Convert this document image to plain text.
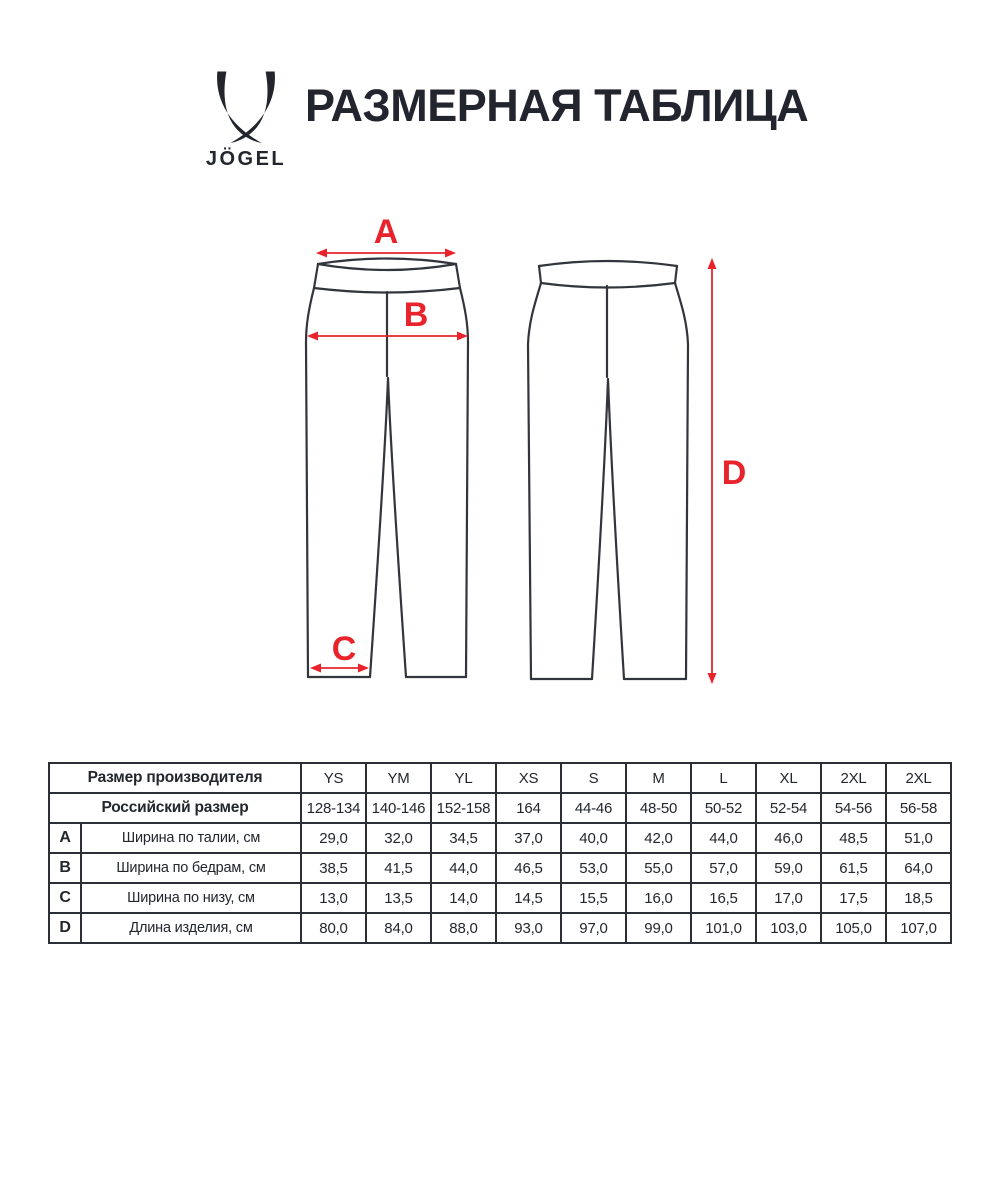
JÖGEL
РАЗМЕРНАЯ ТАБЛИЦА
A
B
C
D
Размер производителя		YS	YM	YL	XS	S	M	L	XL	2XL	2XL
Российский размер		128-134	140-146	152-158	164	44-46	48-50	50-52	52-54	54-56	56-58
A	Ширина по талии, см	29,0	32,0	34,5	37,0	40,0	42,0	44,0	46,0	48,5	51,0
B	Ширина по бедрам, см	38,5	41,5	44,0	46,5	53,0	55,0	57,0	59,0	61,5	64,0
C	Ширина по низу, см	13,0	13,5	14,0	14,5	15,5	16,0	16,5	17,0	17,5	18,5
D	Длина изделия, см	80,0	84,0	88,0	93,0	97,0	99,0	101,0	103,0	105,0	107,0
